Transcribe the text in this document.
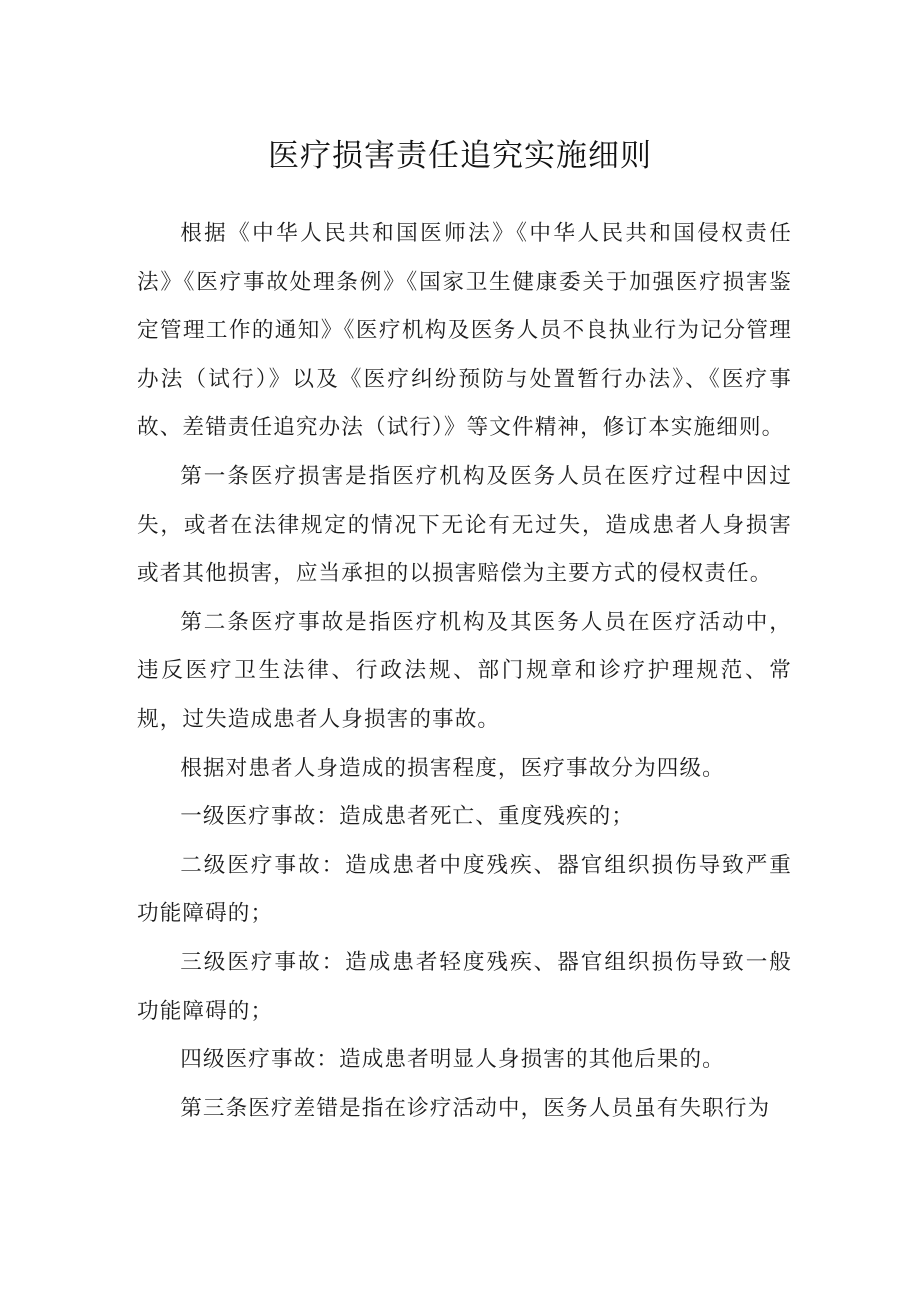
医疗损害责任追究实施细则

根据《中华人民共和国医师法》《中华人民共和国侵权责任法》《医疗事故处理条例》《国家卫生健康委关于加强医疗损害鉴定管理工作的通知》《医疗机构及医务人员不良执业行为记分管理办法（试行）》以及《医疗纠纷预防与处置暂行办法》、《医疗事故、差错责任追究办法（试行）》等文件精神，修订本实施细则。

第一条医疗损害是指医疗机构及医务人员在医疗过程中因过失，或者在法律规定的情况下无论有无过失，造成患者人身损害或者其他损害，应当承担的以损害赔偿为主要方式的侵权责任。

第二条医疗事故是指医疗机构及其医务人员在医疗活动中，违反医疗卫生法律、行政法规、部门规章和诊疗护理规范、常规，过失造成患者人身损害的事故。

根据对患者人身造成的损害程度，医疗事故分为四级。

一级医疗事故：造成患者死亡、重度残疾的；

二级医疗事故：造成患者中度残疾、器官组织损伤导致严重功能障碍的；

三级医疗事故：造成患者轻度残疾、器官组织损伤导致一般功能障碍的；

四级医疗事故：造成患者明显人身损害的其他后果的。

第三条医疗差错是指在诊疗活动中，医务人员虽有失职行为
